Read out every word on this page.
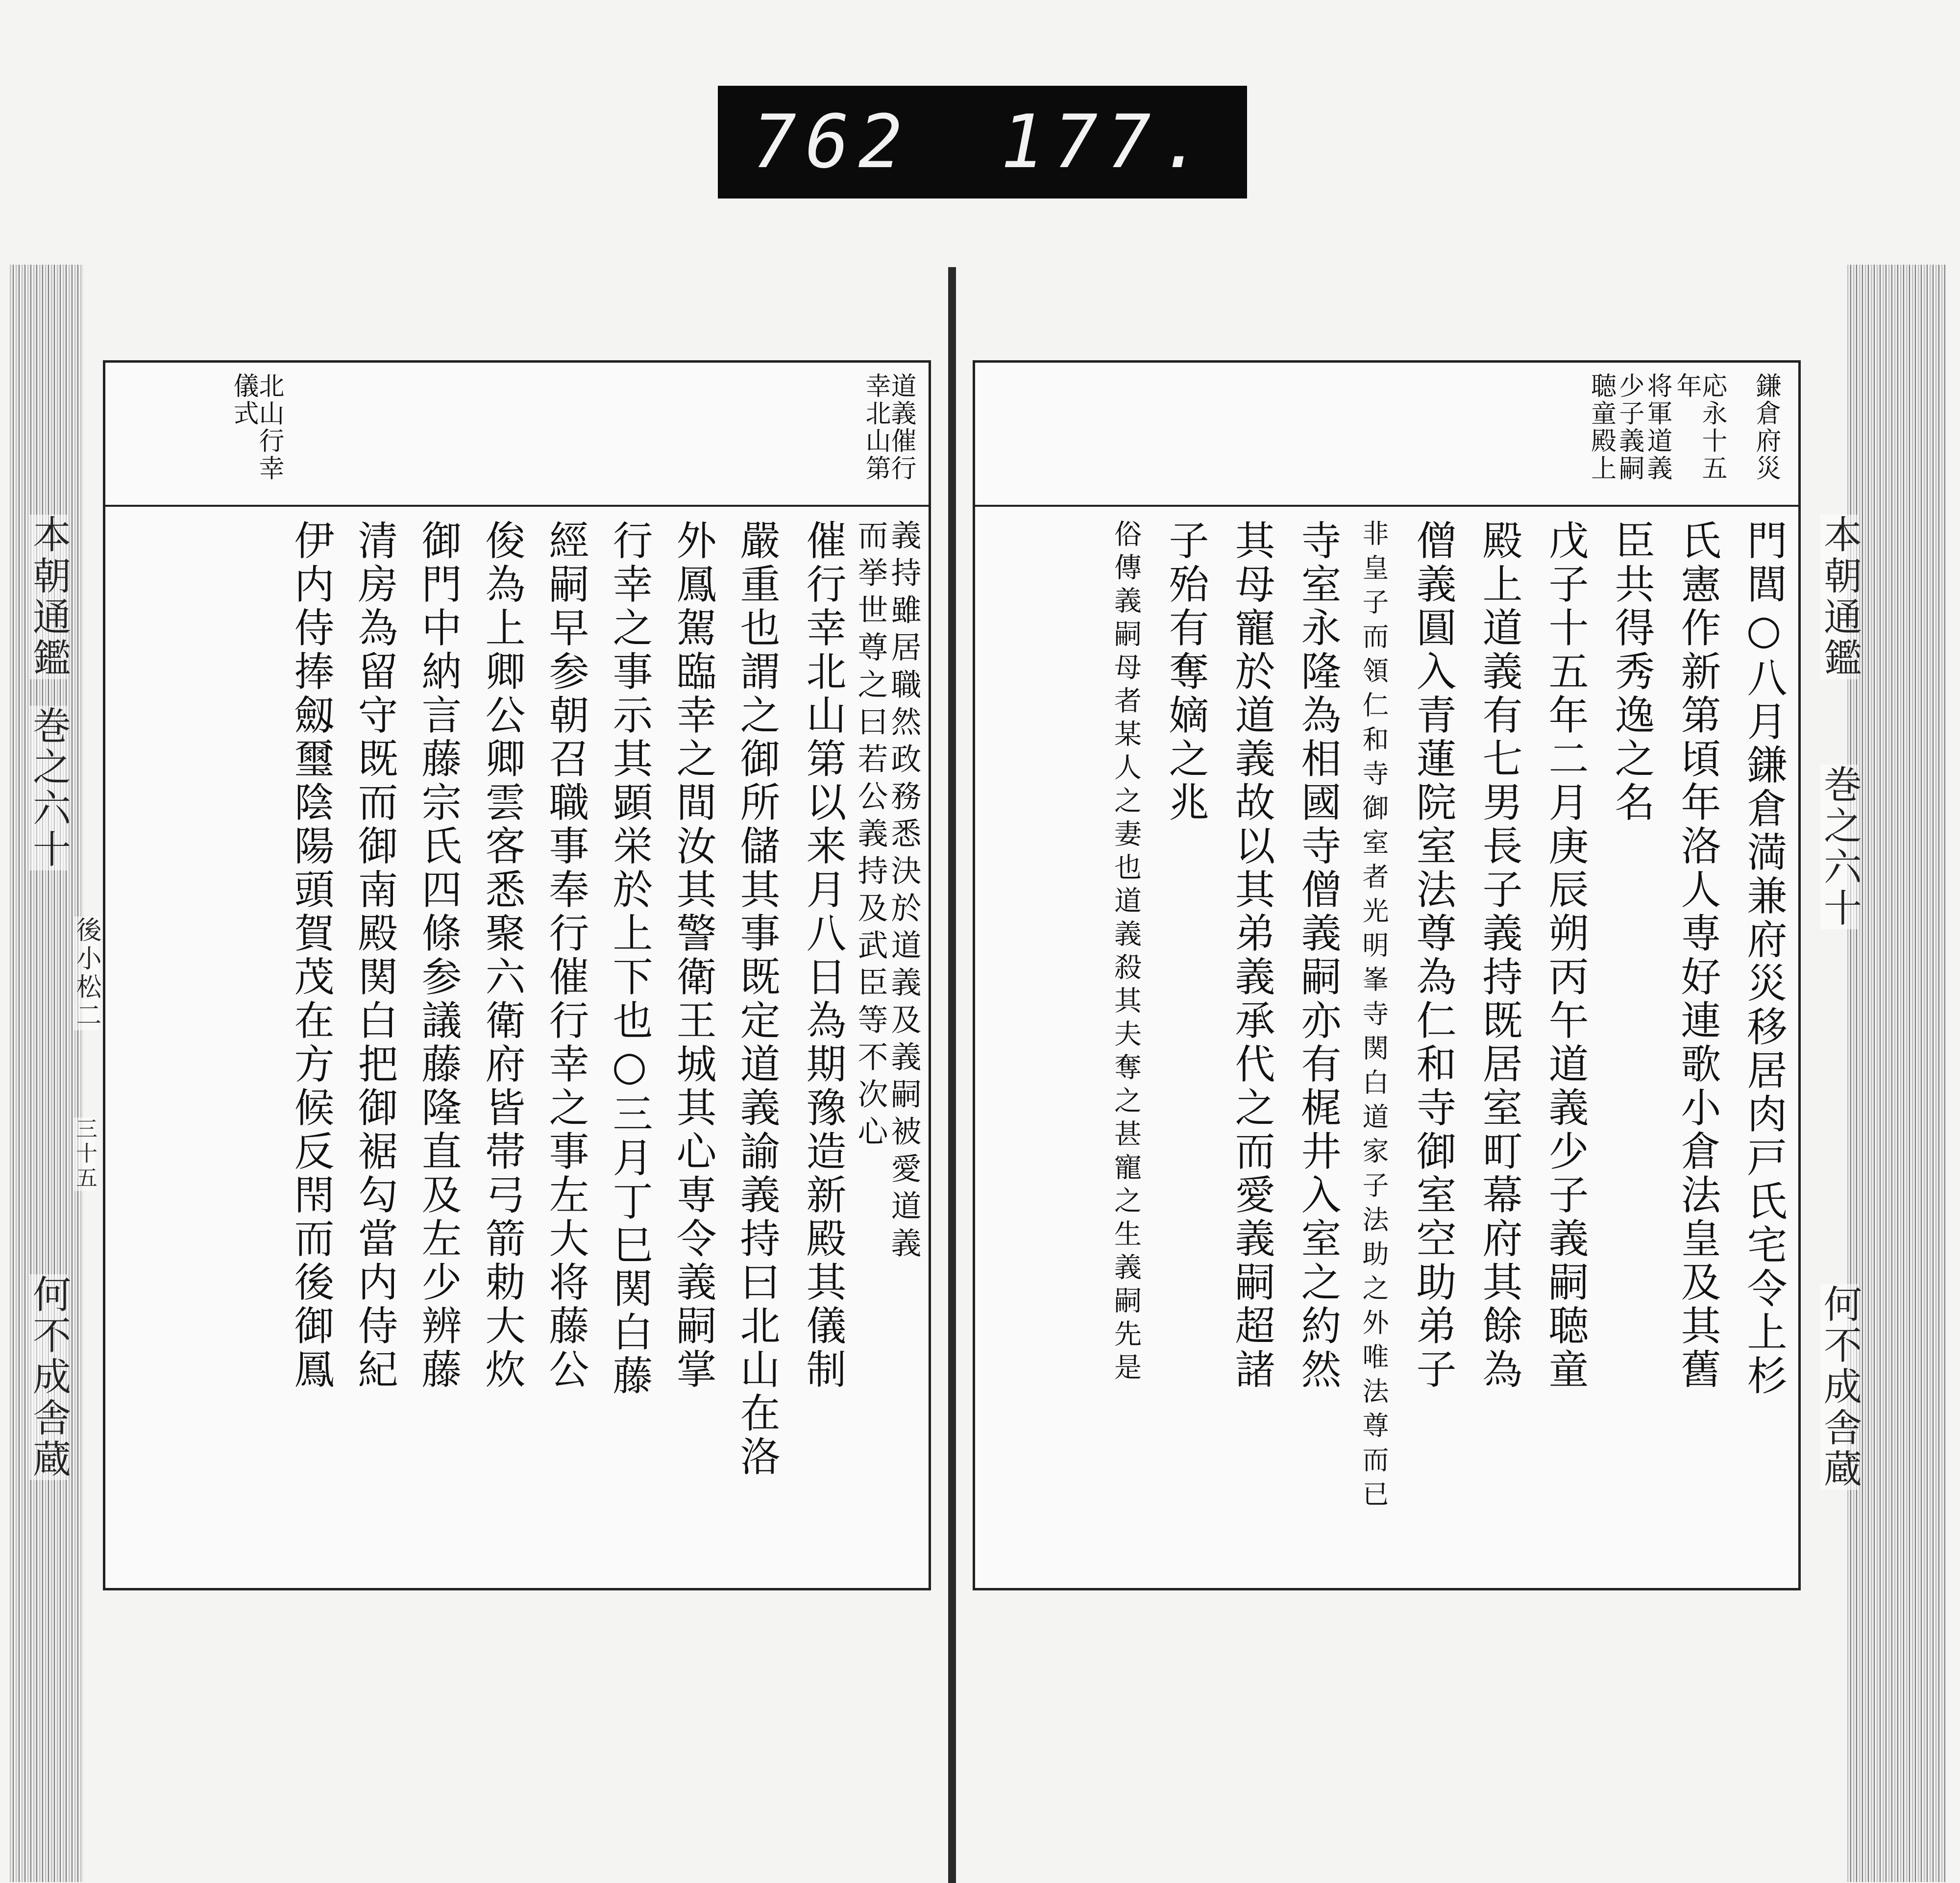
762 177.
本朝通鑑
巻之六十
後小松二
三十五
何不成舎蔵
本朝通鑑
巻之六十
何不成舎蔵
道義催行幸北山第
北山行幸儀式
義持雖居職然政務悉決於道義及義嗣被愛道義
而挙世尊之曰若公義持及武臣等不次心
催行幸北山第以来月八日為期豫造新殿其儀制
嚴重也謂之御所儲其事既定道義諭義持曰北山在洛
外鳳駕臨幸之間汝其警衛王城其心専令義嗣掌
行幸之事示其顕栄於上下也○三月丁巳関白藤
經嗣早参朝召職事奉行催行幸之事左大将藤公
俊為上卿公卿雲客悉聚六衛府皆帯弓箭勅大炊
御門中納言藤宗氏四條参議藤隆直及左少辨藤
清房為留守既而御南殿関白把御裾勾當内侍紀
伊内侍捧劔璽陰陽頭賀茂在方候反閇而後御鳳
鎌倉府災
応永十五年
将軍道義少子義嗣聴童殿上
門閭○八月鎌倉満兼府災移居肉戸氏宅令上杉
氏憲作新第頃年洛人専好連歌小倉法皇及其舊
臣共得秀逸之名
戊子十五年二月庚辰朔丙午道義少子義嗣聴童
殿上道義有七男長子義持既居室町幕府其餘為
僧義圓入青蓮院室法尊為仁和寺御室空助弟子
非皇子而領仁和寺御室者光明峯寺関白道家子法助之外唯法尊而已
寺室永隆為相國寺僧義嗣亦有梶井入室之約然
其母寵於道義故以其弟義承代之而愛義嗣超諸
子殆有奪嫡之兆
俗傳義嗣母者某人之妻也道義殺其夫奪之甚寵之生義嗣先是
